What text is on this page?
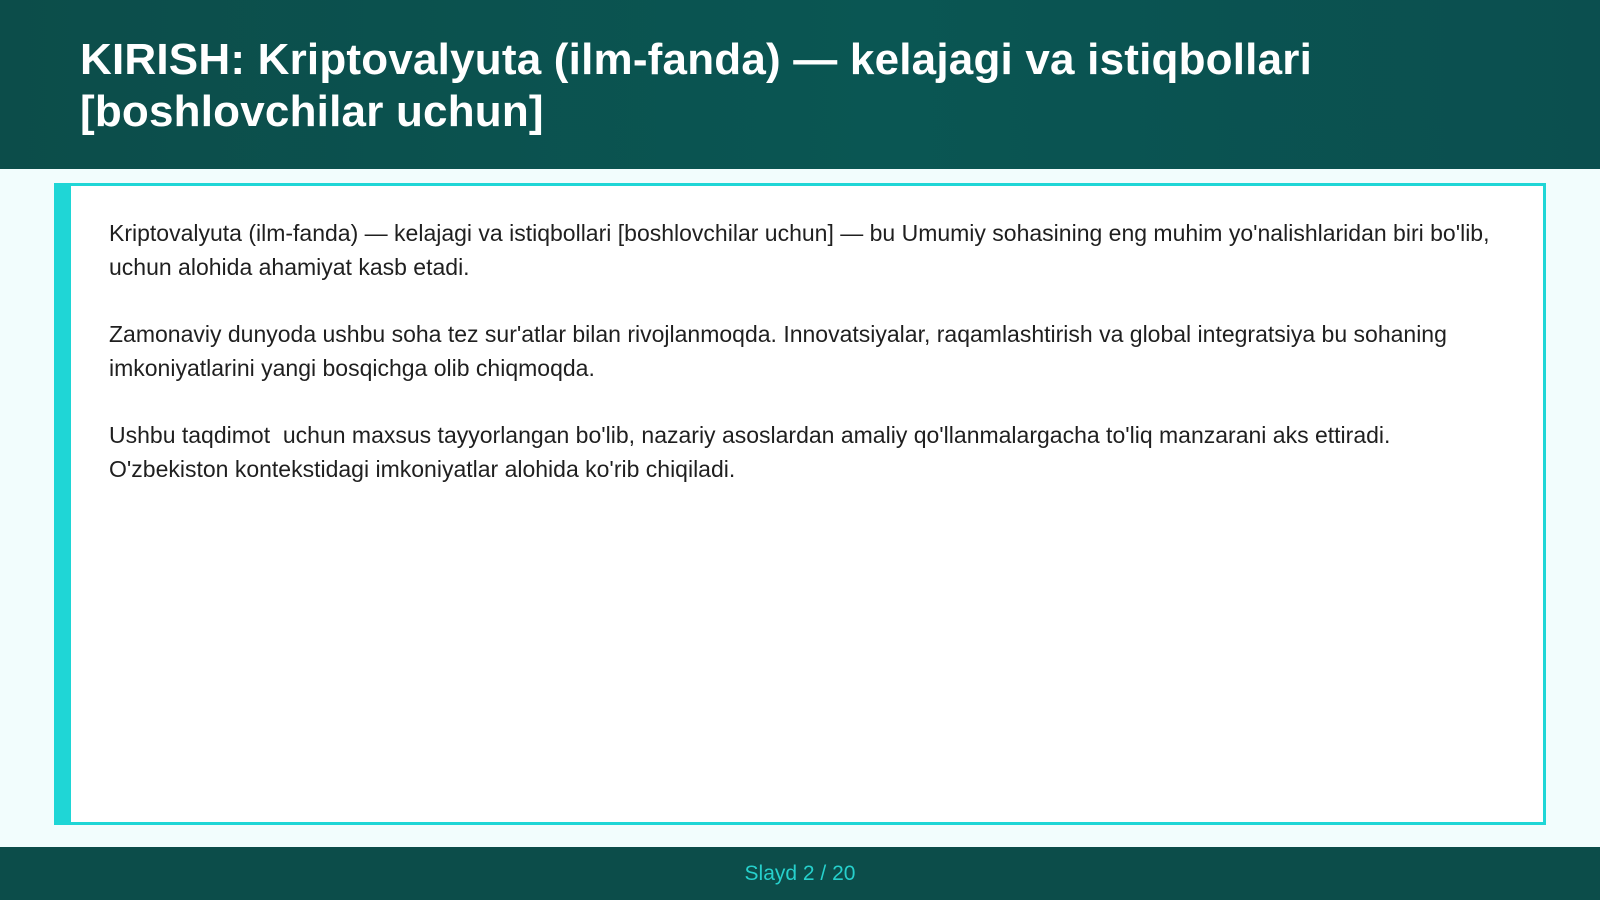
KIRISH: Kriptovalyuta (ilm-fanda) — kelajagi va istiqbollari [boshlovchilar uchun]

Kriptovalyuta (ilm-fanda) — kelajagi va istiqbollari [boshlovchilar uchun] — bu Umumiy sohasining eng muhim yo'nalishlaridan biri bo'lib,  uchun alohida ahamiyat kasb etadi.

Zamonaviy dunyoda ushbu soha tez sur'atlar bilan rivojlanmoqda. Innovatsiyalar, raqamlashtirish va global integratsiya bu sohaning imkoniyatlarini yangi bosqichga olib chiqmoqda.

Ushbu taqdimot  uchun maxsus tayyorlangan bo'lib, nazariy asoslardan amaliy qo'llanmalargacha to'liq manzarani aks ettiradi. O'zbekiston kontekstidagi imkoniyatlar alohida ko'rib chiqiladi.

Slayd 2 / 20
